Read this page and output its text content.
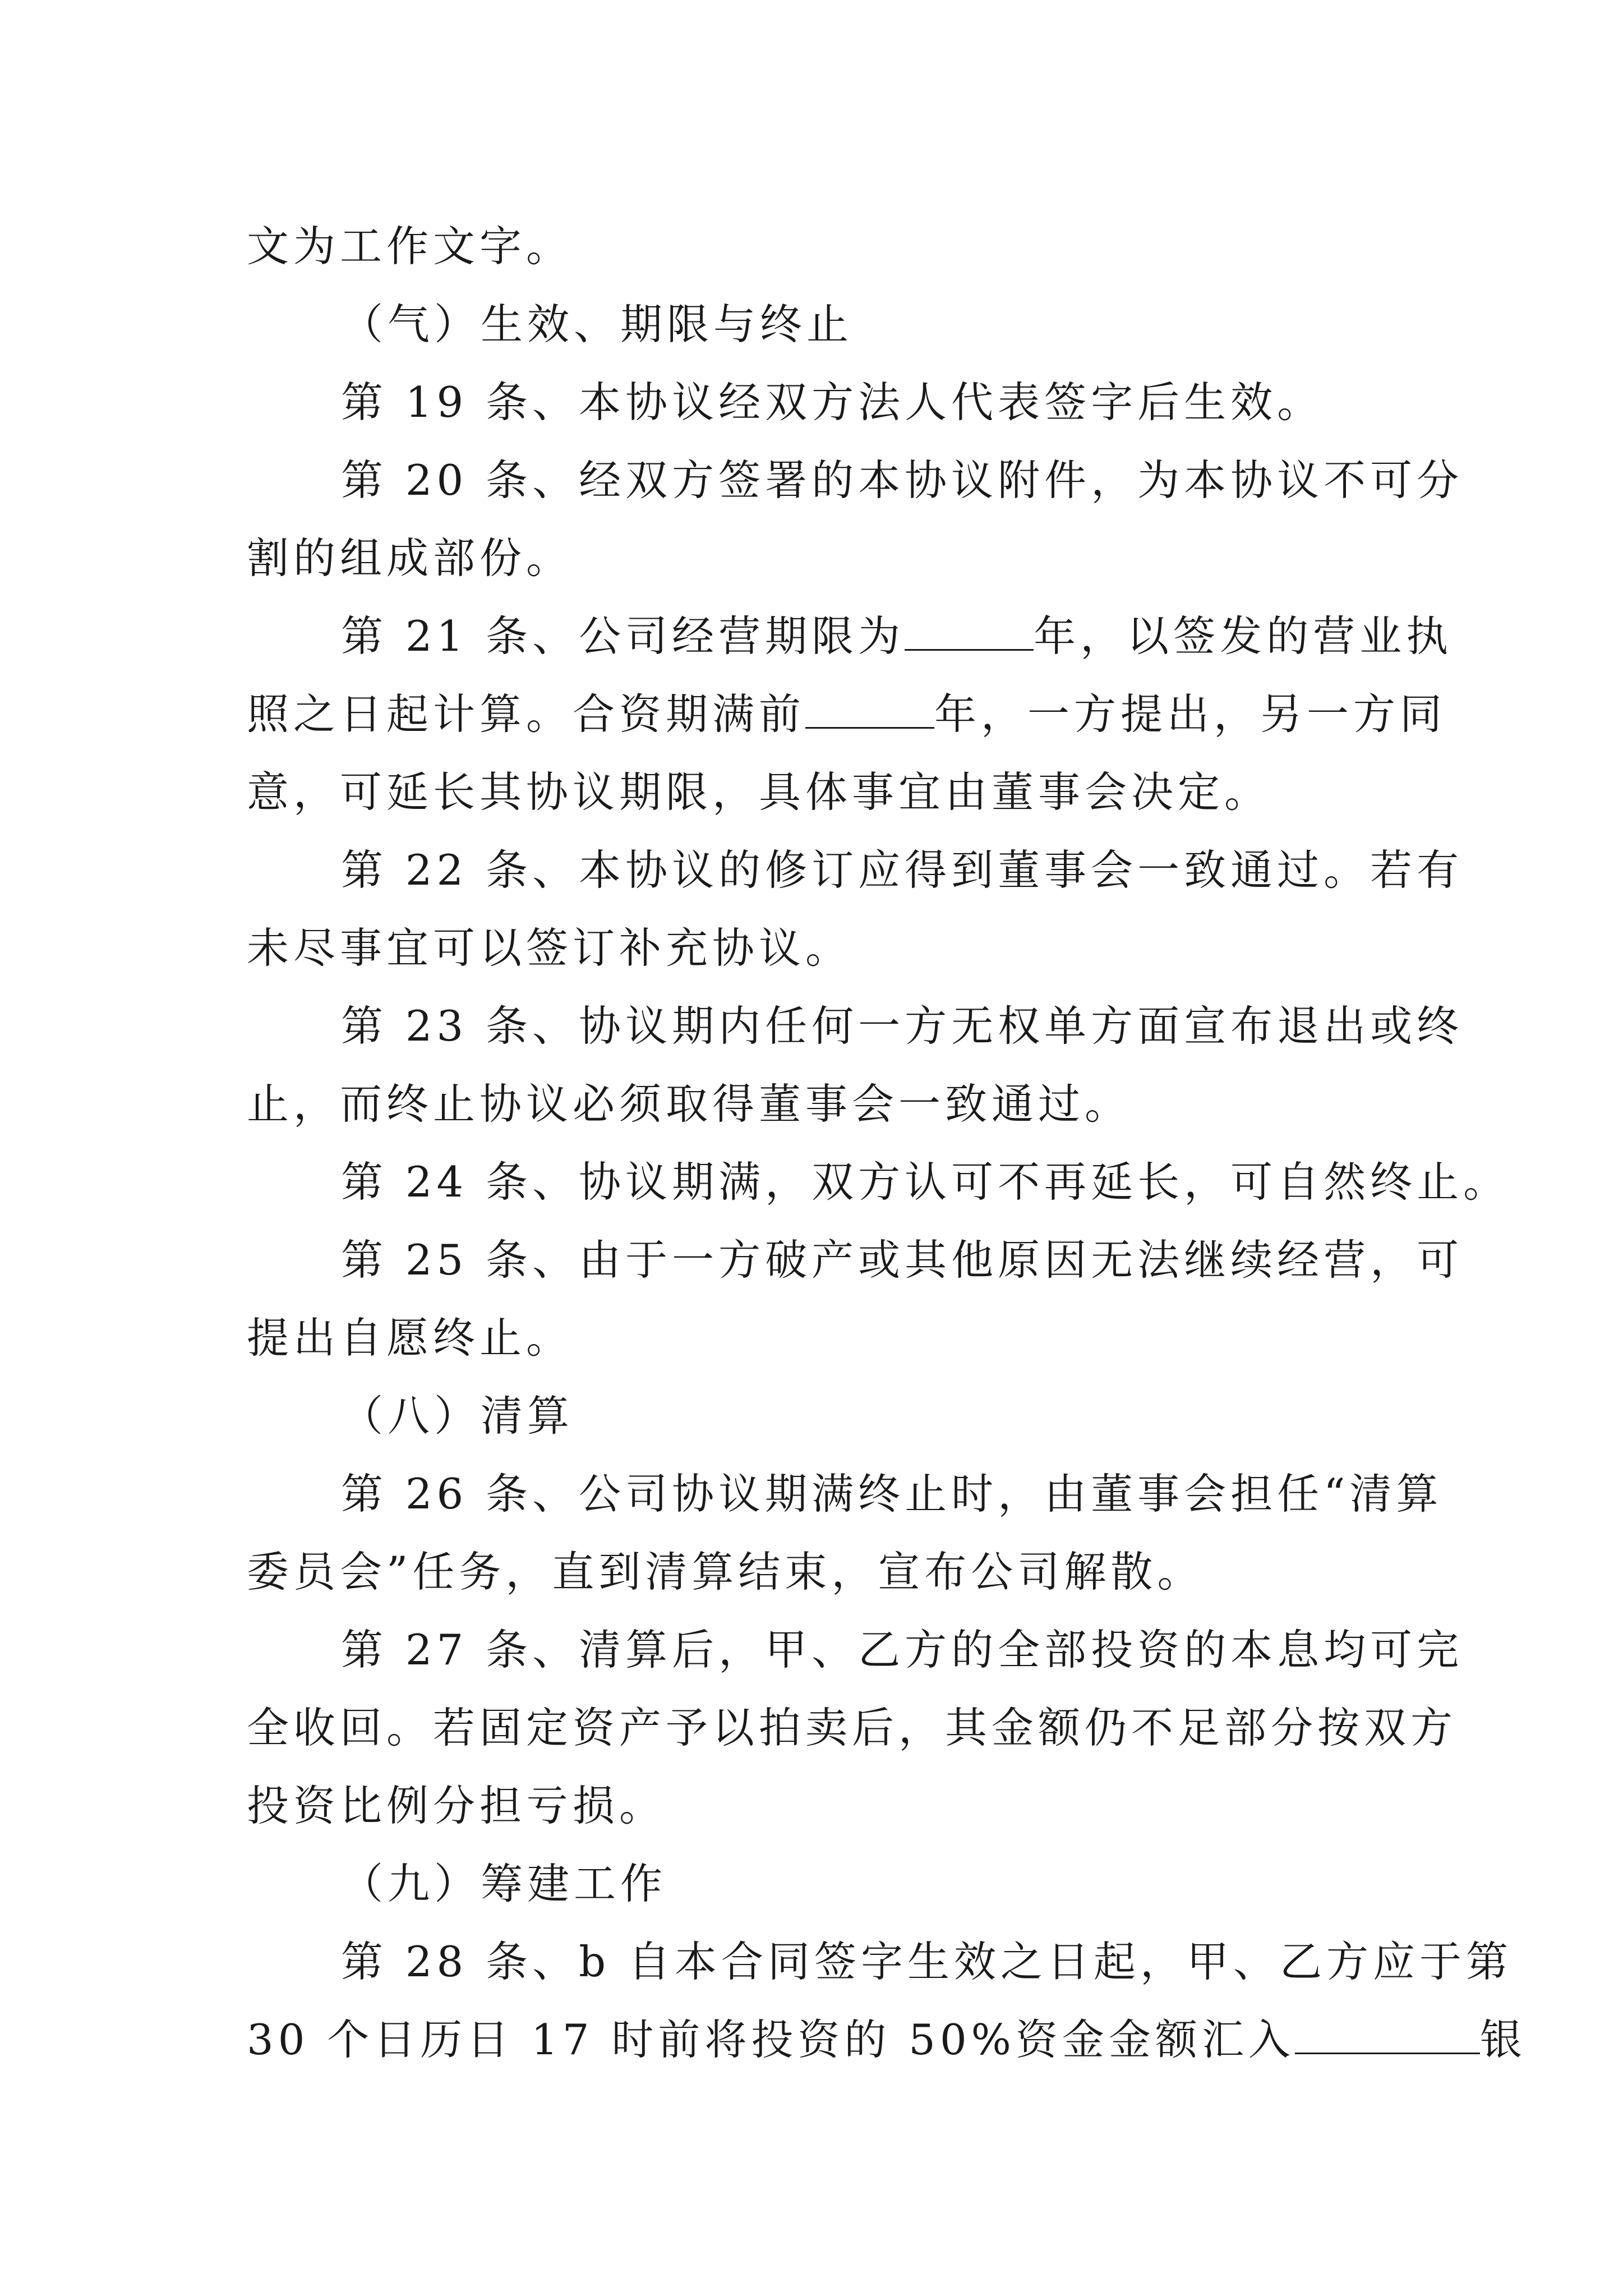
文为工作文字。
（气）生效、期限与终止
第 19 条、本协议经双方法人代表签字后生效。
第 20 条、经双方签署的本协议附件，为本协议不可分
割的组成部份。
第 21 条、公司经营期限为	年，以签发的营业执
照之日起计算。合资期满前	年，一方提出，另一方同
意，可延长其协议期限，具体事宜由董事会决定。
第 22 条、本协议的修订应得到董事会一致通过。若有
未尽事宜可以签订补充协议。
第 23 条、协议期内任何一方无权单方面宣布退出或终
止，而终止协议必须取得董事会一致通过。
第 24 条、协议期满，双方认可不再延长，可自然终止。
第 25 条、由于一方破产或其他原因无法继续经营，可
提出自愿终止。
（八）清算
第 26 条、公司协议期满终止时，由董事会担任“清算
委员会”任务，直到清算结束，宣布公司解散。
第 27 条、清算后，甲、乙方的全部投资的本息均可完
全收回。若固定资产予以拍卖后，其金额仍不足部分按双方
投资比例分担亏损。
（九）筹建工作
第 28 条、b 自本合同签字生效之日起，甲、乙方应于第
30 个日历日 17 时前将投资的 50%资金金额汇入	银
